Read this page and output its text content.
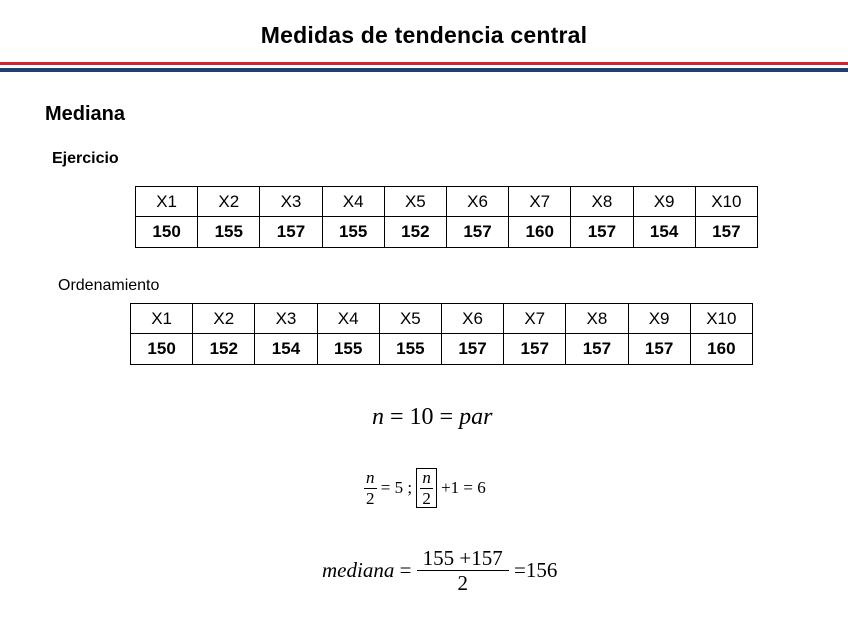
Medidas de tendencia central
Mediana
Ejercicio
X1	X2	X3	X4	X5	X6	X7	X8	X9	X10
150	155	157	155	152	157	160	157	154	157
Ordenamiento
X1	X2	X3	X4	X5	X6	X7	X8	X9	X10
150	152	154	155	155	157	157	157	157	160
n = 10 = par
$\frac{n}{2} = 5$ ; $\frac{n}{2} +1 = 6$
mediana = $\frac{155 +157}{2} =156$
